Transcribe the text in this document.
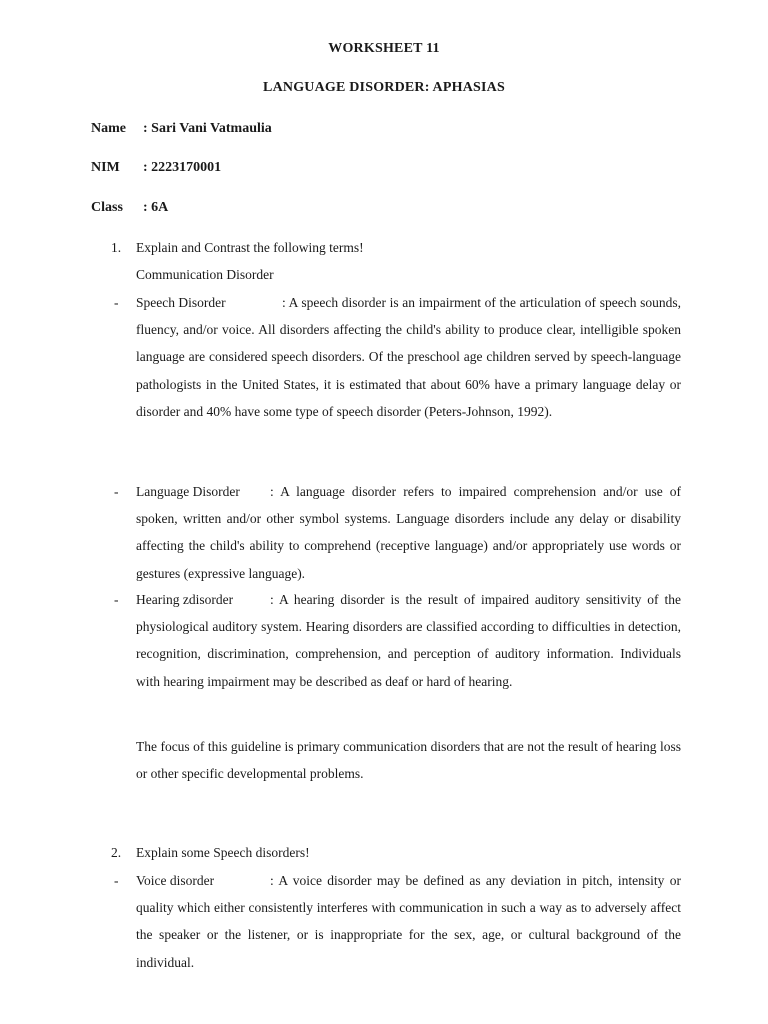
WORKSHEET 11
LANGUAGE DISORDER: APHASIAS
Name : Sari Vani Vatmaulia
NIM : 2223170001
Class : 6A
1. Explain and Contrast the following terms!
Communication Disorder
- Speech Disorder	: A speech disorder is an impairment of the articulation of speech sounds, fluency, and/or voice. All disorders affecting the child's ability to produce clear, intelligible spoken language are considered speech disorders. Of the preschool age children served by speech-language pathologists in the United States, it is estimated that about 60% have a primary language delay or disorder and 40% have some type of speech disorder (Peters-Johnson, 1992).
- Language Disorder : A language disorder refers to impaired comprehension and/or use of spoken, written and/or other symbol systems. Language disorders include any delay or disability affecting the child's ability to comprehend (receptive language) and/or appropriately use words or gestures (expressive language).
- Hearing zdisorder	: A hearing disorder is the result of impaired auditory sensitivity of the physiological auditory system. Hearing disorders are classified according to difficulties in detection, recognition, discrimination, comprehension, and perception of auditory information. Individuals with hearing impairment may be described as deaf or hard of hearing.
The focus of this guideline is primary communication disorders that are not the result of hearing loss or other specific developmental problems.
2. Explain some Speech disorders!
- Voice disorder	: A voice disorder may be defined as any deviation in pitch, intensity or quality which either consistently interferes with communication in such a way as to adversely affect the speaker or the listener, or is inappropriate for the sex, age, or cultural background of the individual.
